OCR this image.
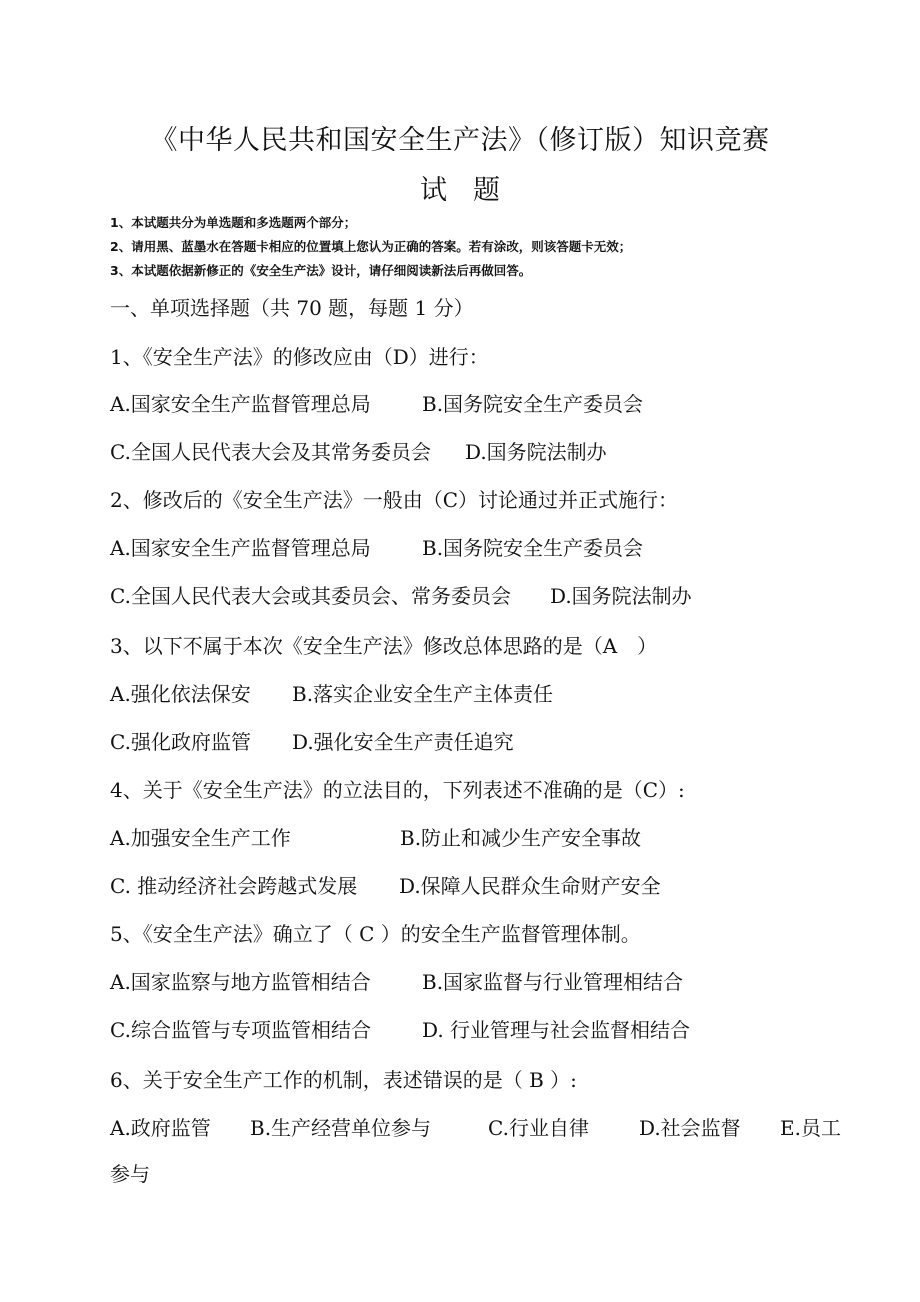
《中华人民共和国安全生产法》（修订版）知识竞赛
试题
1、本试题共分为单选题和多选题两个部分；
2、请用黑、蓝墨水在答题卡相应的位置填上您认为正确的答案。若有涂改，则该答题卡无效；
3、本试题依据新修正的《安全生产法》设计，请仔细阅读新法后再做回答。
一、单项选择题（共 70 题，每题 1 分）
1、《安全生产法》的修改应由（D）进行：
A.国家安全生产监督管理总局	B.国务院安全生产委员会
C.全国人民代表大会及其常务委员会 D.国务院法制办
2、修改后的《安全生产法》一般由（C）讨论通过并正式施行：
A.国家安全生产监督管理总局	B.国务院安全生产委员会
C.全国人民代表大会或其委员会、常务委员会 D.国务院法制办
3、以下不属于本次《安全生产法》修改总体思路的是（A　）
A.强化依法保安 B.落实企业安全生产主体责任
C.强化政府监管 D.强化安全生产责任追究
4、关于《安全生产法》的立法目的，下列表述不准确的是（C）:
A.加强安全生产工作	B.防止和减少生产安全事故
C. 推动经济社会跨越式发展 D.保障人民群众生命财产安全
5、《安全生产法》确立了（ C ）的安全生产监督管理体制。
A.国家监察与地方监管相结合	B.国家监督与行业管理相结合
C.综合监管与专项监管相结合	D. 行业管理与社会监督相结合
6、关于安全生产工作的机制，表述错误的是（ B ）:
A.政府监管 B.生产经营单位参与	C.行业自律	D.社会监督 E.员工
参与
